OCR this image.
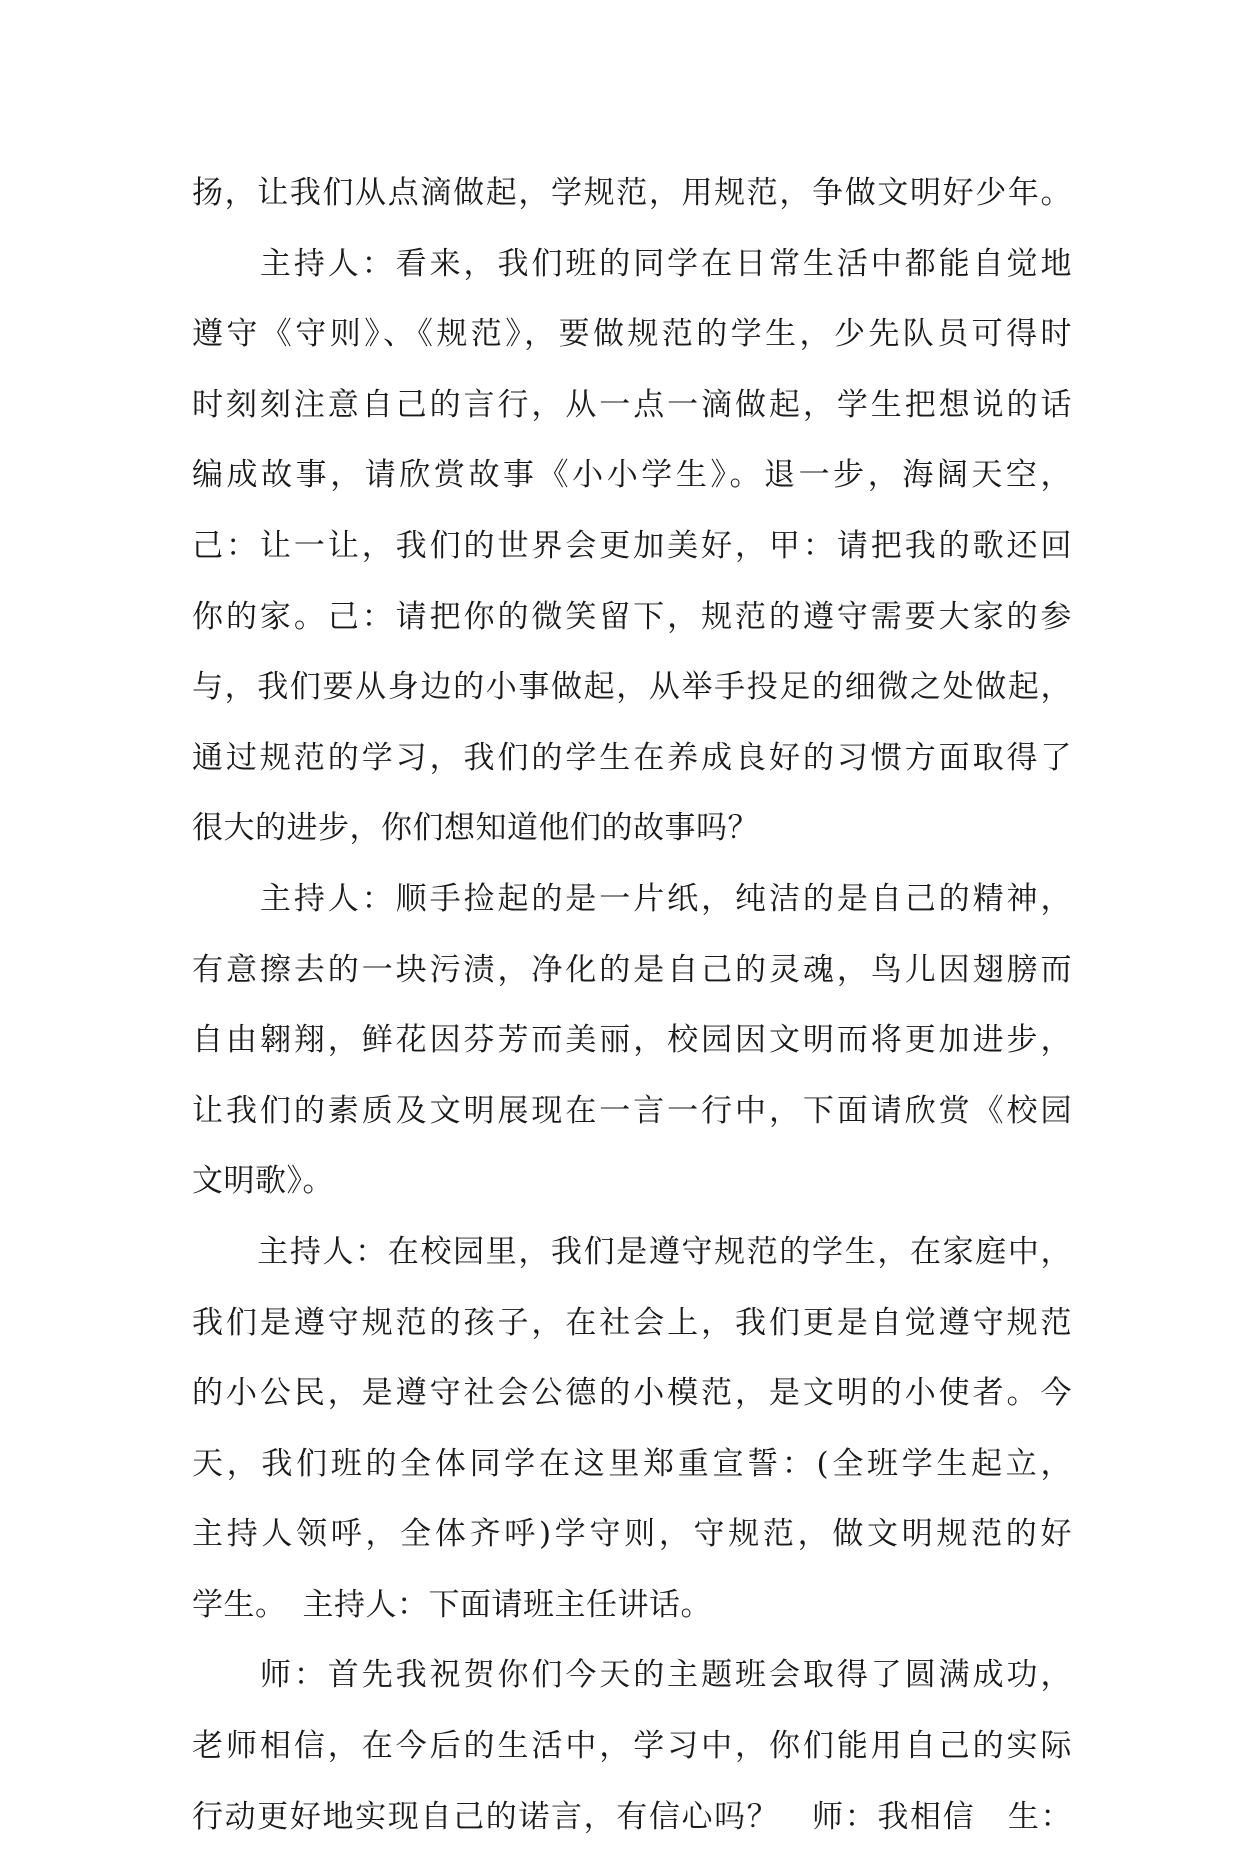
扬，让我们从点滴做起，学规范，用规范，争做文明好少年。
　　主持人：看来，我们班的同学在日常生活中都能自觉地
遵守《守则》、《规范》，要做规范的学生，少先队员可得时
时刻刻注意自己的言行，从一点一滴做起，学生把想说的话
编成故事，请欣赏故事《小小学生》。退一步，海阔天空，
己：让一让，我们的世界会更加美好，甲：请把我的歌还回
你的家。己：请把你的微笑留下，规范的遵守需要大家的参
与，我们要从身边的小事做起，从举手投足的细微之处做起，
通过规范的学习，我们的学生在养成良好的习惯方面取得了
很大的进步，你们想知道他们的故事吗？
　　主持人：顺手捡起的是一片纸，纯洁的是自己的精神，
有意擦去的一块污渍，净化的是自己的灵魂，鸟儿因翅膀而
自由翱翔，鲜花因芬芳而美丽，校园因文明而将更加进步，
让我们的素质及文明展现在一言一行中，下面请欣赏《校园
文明歌》。
　　主持人：在校园里，我们是遵守规范的学生，在家庭中，
我们是遵守规范的孩子，在社会上，我们更是自觉遵守规范
的小公民，是遵守社会公德的小模范，是文明的小使者。今
天，我们班的全体同学在这里郑重宣誓：(全班学生起立，
主持人领呼，全体齐呼)学守则，守规范，做文明规范的好
学生。　主持人：下面请班主任讲话。
　　师：首先我祝贺你们今天的主题班会取得了圆满成功，
老师相信，在今后的生活中，学习中，你们能用自己的实际
行动更好地实现自己的诺言，有信心吗？　师：我相信　生：
